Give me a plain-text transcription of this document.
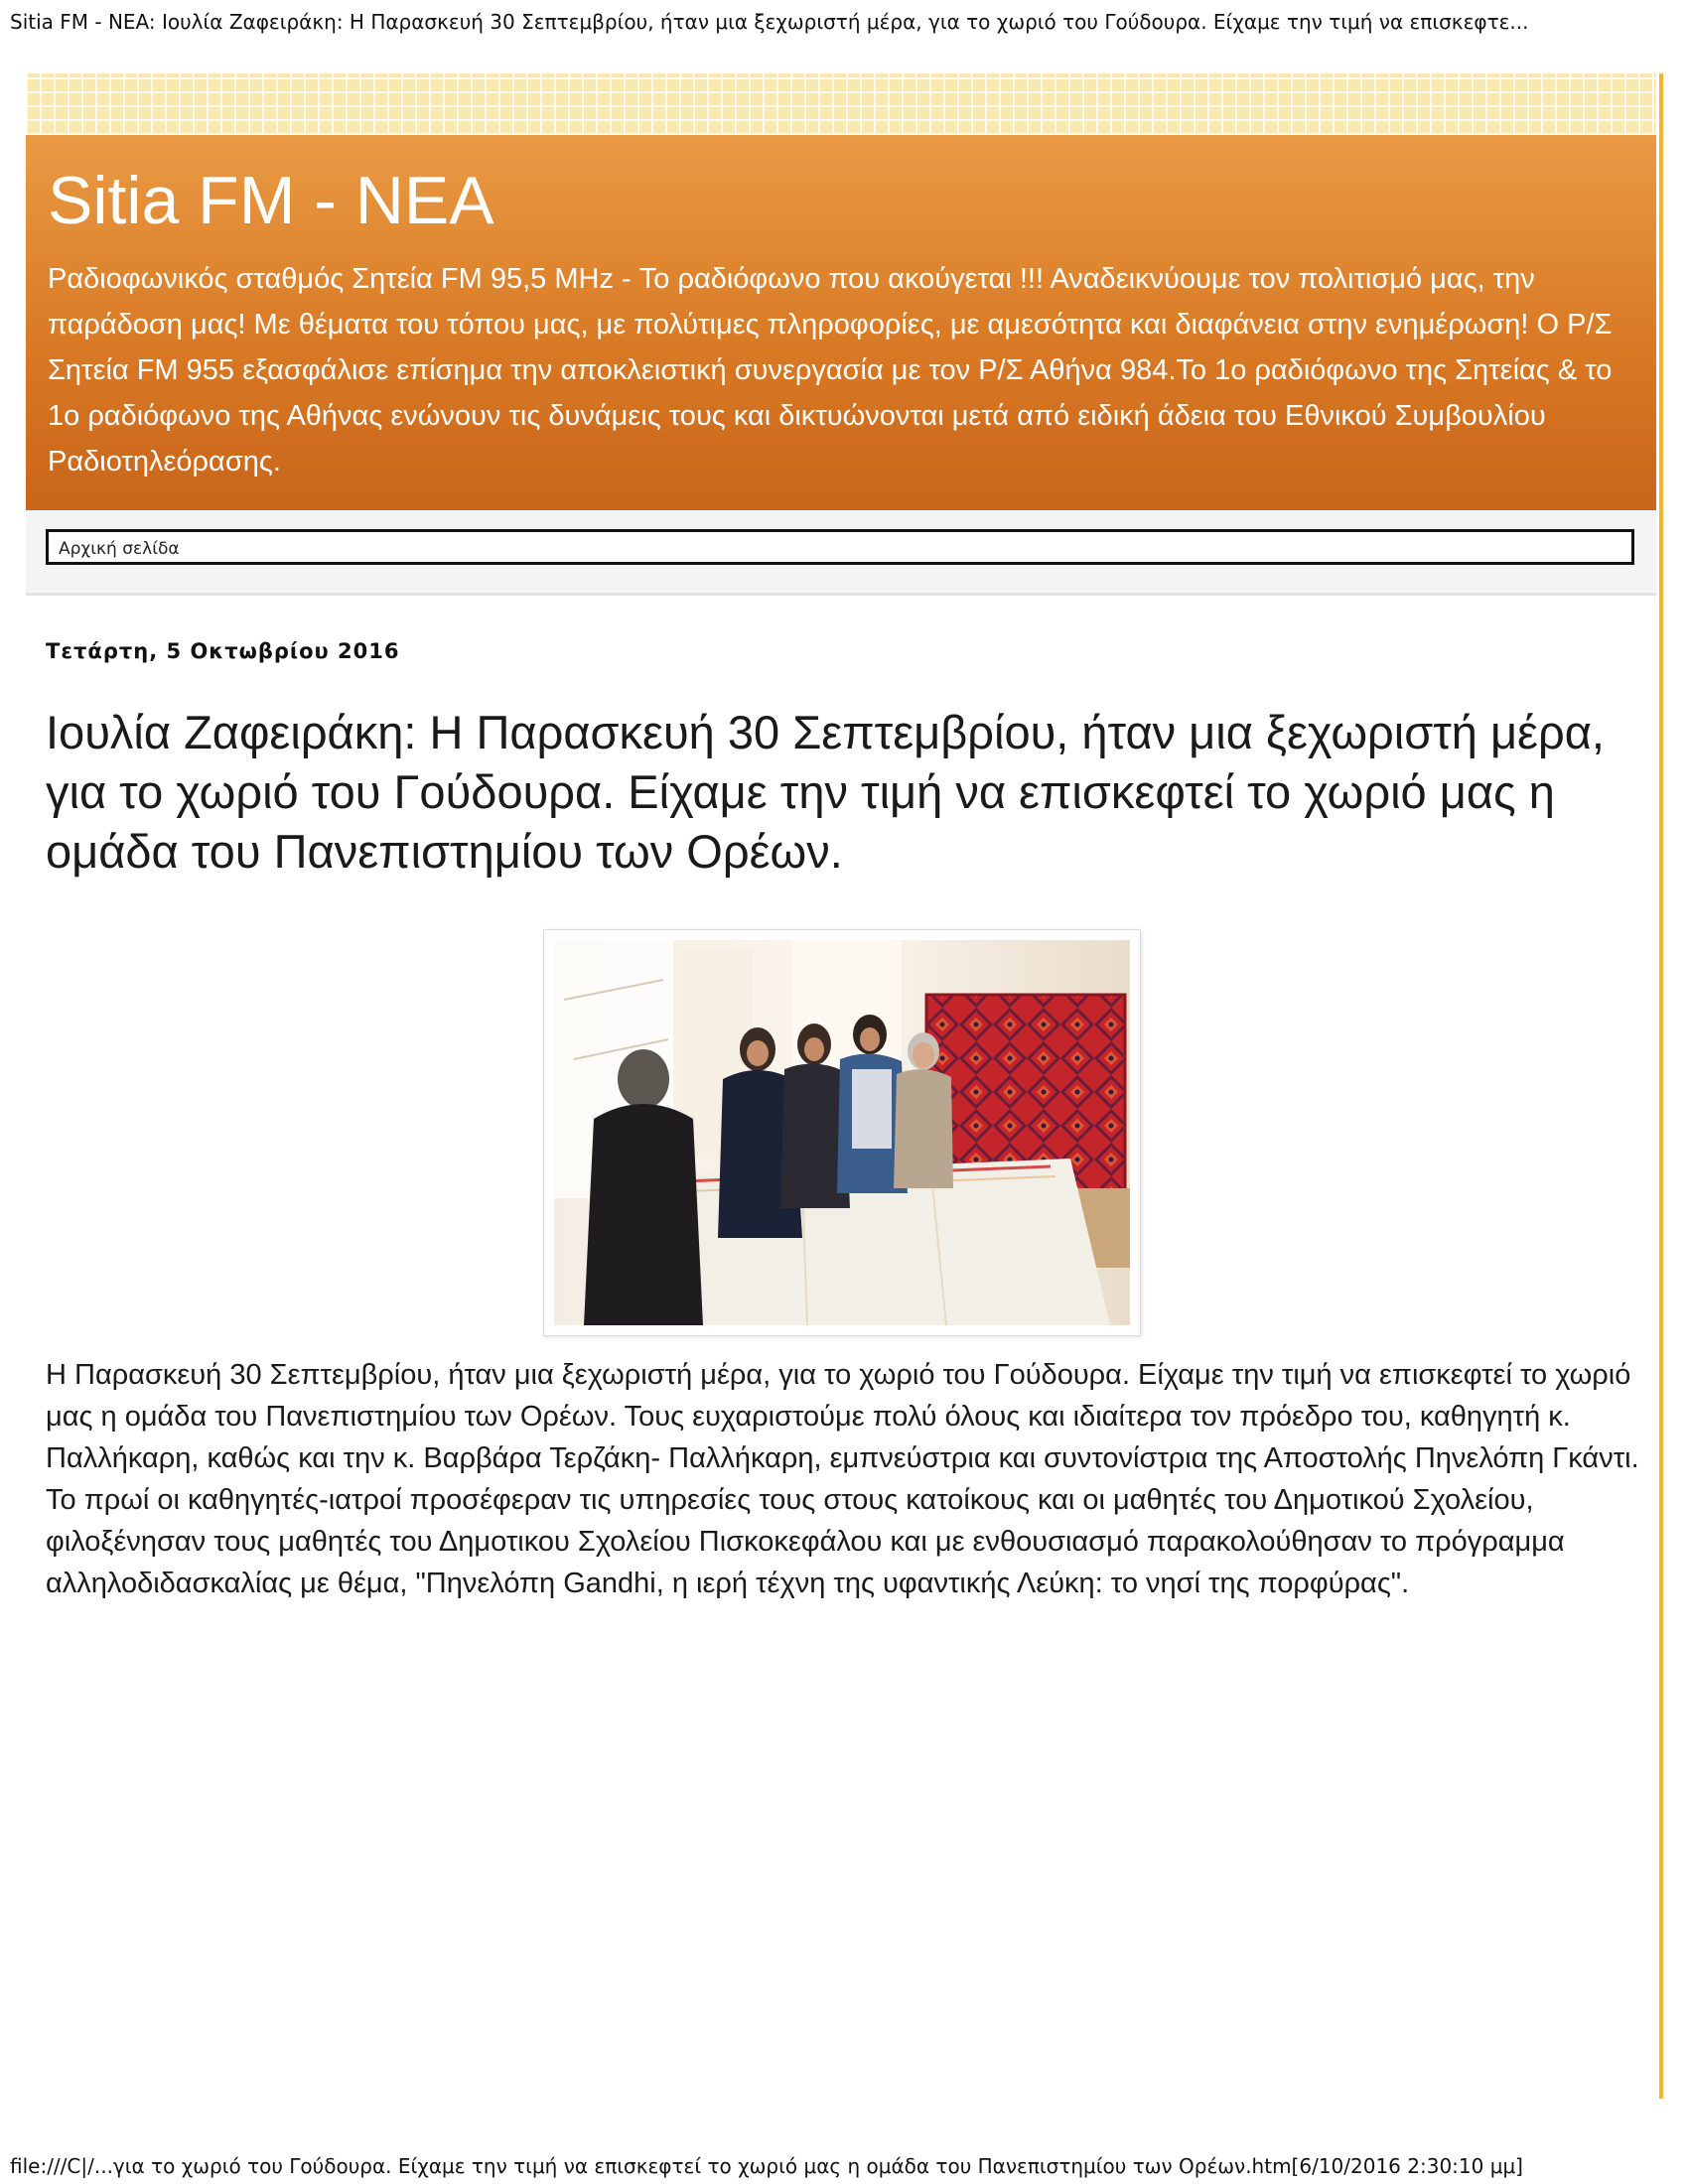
Sitia FM - NEA: Ιουλία Ζαφειράκη: Η Παρασκευή 30 Σεπτεμβρίου, ήταν μια ξεχωριστή μέρα, για το χωριό του Γούδουρα. Είχαμε την τιμή να επισκεφτε...
Sitia FM - NEA

Ραδιοφωνικός σταθμός Σητεία FM 95,5 MHz - Το ραδιόφωνο που ακούγεται !!! Αναδεικνύουμε τον πολιτισμό μας, την παράδοση μας! Με θέματα του τόπου μας, με πολύτιμες πληροφορίες, με αμεσότητα και διαφάνεια στην ενημέρωση! Ο Ρ/Σ Σητεία FM 955 εξασφάλισε επίσημα την αποκλειστική συνεργασία με τον Ρ/Σ Αθήνα 984.Το 1ο ραδιόφωνο της Σητείας & το 1ο ραδιόφωνο της Αθήνας ενώνουν τις δυνάμεις τους και δικτυώνονται μετά από ειδική άδεια του Εθνικού Συμβουλίου Ραδιοτηλεόρασης.

Αρχική σελίδα
Τετάρτη, 5 Οκτωβρίου 2016
Ιουλία Ζαφειράκη: Η Παρασκευή 30 Σεπτεμβρίου, ήταν μια ξεχωριστή μέρα, για το χωριό του Γούδουρα. Είχαμε την τιμή να επισκεφτεί το χωριό μας η ομάδα του Πανεπιστημίου των Ορέων.

Η Παρασκευή 30 Σεπτεμβρίου, ήταν μια ξεχωριστή μέρα, για το χωριό του Γούδουρα. Είχαμε την τιμή να επισκεφτεί το χωριό μας η ομάδα του Πανεπιστημίου των Ορέων. Τους ευχαριστούμε πολύ όλους και ιδιαίτερα τον πρόεδρο του, καθηγητή κ. Παλλήκαρη, καθώς και την κ. Βαρβάρα Τερζάκη- Παλλήκαρη, εμπνεύστρια και συντονίστρια της Αποστολής Πηνελόπη Γκάντι. Το πρωί οι καθηγητές-ιατροί προσέφεραν τις υπηρεσίες τους στους κατοίκους και οι μαθητές του Δημοτικού Σχολείου, φιλοξένησαν τους μαθητές του Δημοτικου Σχολείου Πισκοκεφάλου και με ενθουσιασμό παρακολούθησαν το πρόγραμμα αλληλοδιδασκαλίας με θέμα, "Πηνελόπη Gandhi, η ιερή τέχνη της υφαντικής Λεύκη: το νησί της πορφύρας".

file:///C|/...για το χωριό του Γούδουρα. Είχαμε την τιμή να επισκεφτεί το χωριό μας η ομάδα του Πανεπιστημίου των Ορέων.htm[6/10/2016 2:30:10 μμ]
